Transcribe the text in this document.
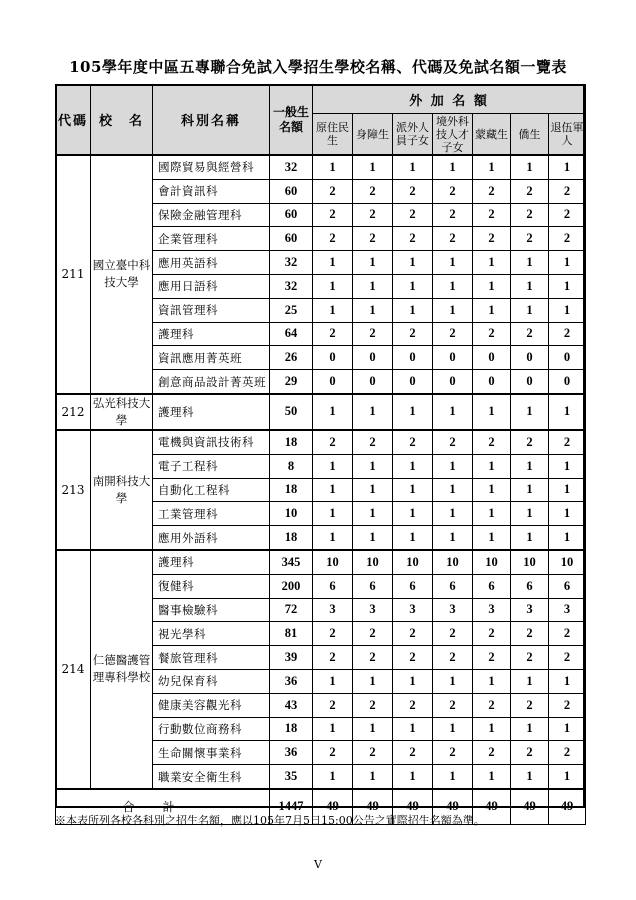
105學年度中區五專聯合免試入學招生學校名稱、代碼及免試名額一覽表
代碼	校　名	科別名稱	一般生
名額	外 加 名 額						
				原住民生	身障生	派外人員子女	境外科技人才子女	蒙藏生	僑生	退伍軍人
211	國立臺中科技大學	國際貿易與經營科	32	1	1	1	1	1	1	1
		會計資訊科	60	2	2	2	2	2	2	2
		保險金融管理科	60	2	2	2	2	2	2	2
		企業管理科	60	2	2	2	2	2	2	2
		應用英語科	32	1	1	1	1	1	1	1
		應用日語科	32	1	1	1	1	1	1	1
		資訊管理科	25	1	1	1	1	1	1	1
		護理科	64	2	2	2	2	2	2	2
		資訊應用菁英班	26	0	0	0	0	0	0	0
		創意商品設計菁英班	29	0	0	0	0	0	0	0
212	弘光科技大學	護理科	50	1	1	1	1	1	1	1
213	南開科技大學	電機與資訊技術科	18	2	2	2	2	2	2	2
		電子工程科	8	1	1	1	1	1	1	1
		自動化工程科	18	1	1	1	1	1	1	1
		工業管理科	10	1	1	1	1	1	1	1
		應用外語科	18	1	1	1	1	1	1	1
214	仁德醫護管理專科學校	護理科	345	10	10	10	10	10	10	10
		復健科	200	6	6	6	6	6	6	6
		醫事檢驗科	72	3	3	3	3	3	3	3
		視光學科	81	2	2	2	2	2	2	2
		餐旅管理科	39	2	2	2	2	2	2	2
		幼兒保育科	36	1	1	1	1	1	1	1
		健康美容觀光科	43	2	2	2	2	2	2	2
		行動數位商務科	18	1	1	1	1	1	1	1
		生命關懷事業科	36	2	2	2	2	2	2	2
		職業安全衛生科	35	1	1	1	1	1	1	1
合計			1447	49	49	49	49	49	49	49
※本表所列各校各科別之招生名額，應以105年7月5日15:00公告之實際招生名額為準。
V
